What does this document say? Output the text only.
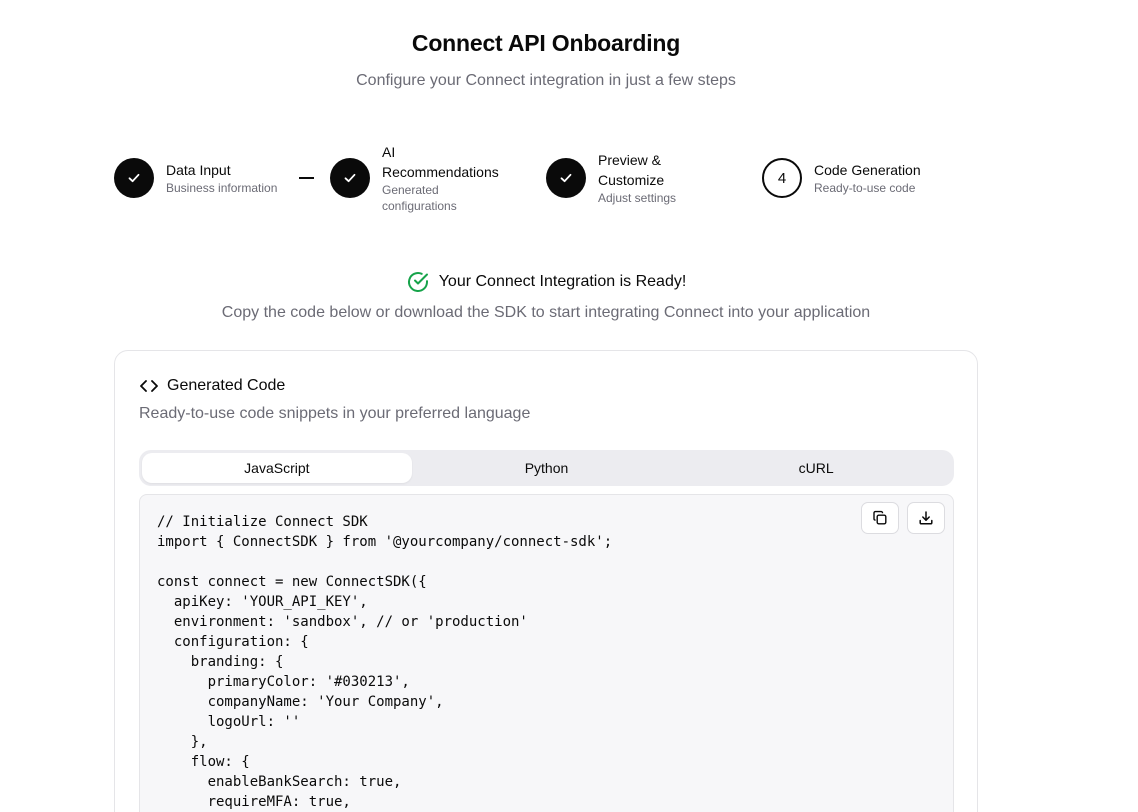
Connect API Onboarding
Configure your Connect integration in just a few steps
Data Input
Business information
AI Recommendations
Generated configurations
Preview & Customize
Adjust settings
4	Code Generation
Ready-to-use code
Your Connect Integration is Ready!
Copy the code below or download the SDK to start integrating Connect into your application
Generated Code
Ready-to-use code snippets in your preferred language
JavaScript	Python	cURL
// Initialize Connect SDK
import { ConnectSDK } from '@yourcompany/connect-sdk';

const connect = new ConnectSDK({
apiKey: 'YOUR_API_KEY',
environment: 'sandbox', // or 'production'
configuration: {
branding: {
primaryColor: '#030213',
companyName: 'Your Company',
logoUrl: ''
},
flow: {
enableBankSearch: true,
requireMFA: true,
